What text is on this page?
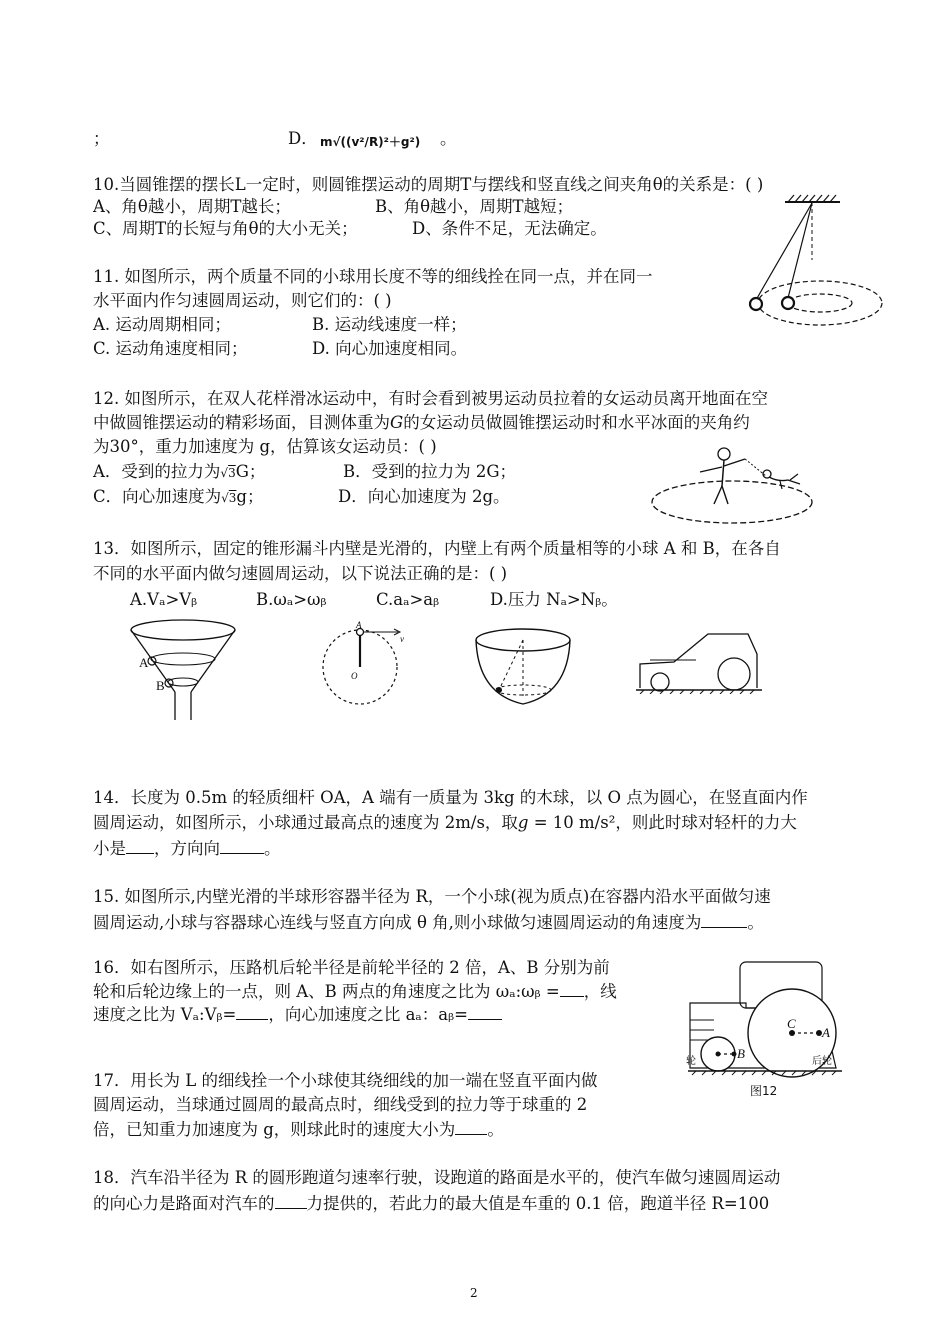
；	D． m√((v²/R)²＋g²) 。
10.当圆锥摆的摆长L一定时，则圆锥摆运动的周期T与摆线和竖直线之间夹角θ的关系是：( )
A、角θ越小，周期T越长；	B、角θ越小，周期T越短；
C、周期T的长短与角θ的大小无关；	D、条件不足，无法确定。
11. 如图所示，两个质量不同的小球用长度不等的细线拴在同一点，并在同一
水平面内作匀速圆周运动，则它们的：( )
A. 运动周期相同；	B. 运动线速度一样；
C. 运动角速度相同；	D. 向心加速度相同。
12. 如图所示，在双人花样滑冰运动中，有时会看到被男运动员拉着的女运动员离开地面在空
中做圆锥摆运动的精彩场面，目测体重为G的女运动员做圆锥摆运动时和水平冰面的夹角约
为30°，重力加速度为 g，估算该女运动员：( )
A．受到的拉力为√3G；	B．受到的拉力为 2G；
C．向心加速度为√3g；	D．向心加速度为 2g。
13．如图所示，固定的锥形漏斗内壁是光滑的，内壁上有两个质量相等的小球 A 和 B，在各自
不同的水平面内做匀速圆周运动，以下说法正确的是：( )
A.Vₐ>Vᵦ	B.ωₐ>ωᵦ	C.aₐ>aᵦ	D.压力 Nₐ>Nᵦ。
A
B
A
v
O
14．长度为 0.5m 的轻质细杆 OA，A 端有一质量为 3kg 的木球，以 O 点为圆心，在竖直面内作
圆周运动，如图所示，小球通过最高点的速度为 2m/s，取g = 10 m/s²，则此时球对轻杆的力大
小是 ，方向向	。
15. 如图所示,内壁光滑的半球形容器半径为 R，一个小球(视为质点)在容器内沿水平面做匀速
圆周运动,小球与容器球心连线与竖直方向成 θ 角,则小球做匀速圆周运动的角速度为	。
16．如右图所示，压路机后轮半径是前轮半径的 2 倍，A、B 分别为前
轮和后轮边缘上的一点，则 A、B 两点的角速度之比为 ωₐ:ωᵦ = ，线
速度之比为 Vₐ:Vᵦ= ，向心加速度之比 aₐ：aᵦ=	C
A
B
轮	后轮
图12
17．用长为 L 的细线拴一个小球使其绕细线的加一端在竖直平面内做
圆周运动，当球通过圆周的最高点时，细线受到的拉力等于球重的 2
倍，已知重力加速度为 g，则球此时的速度大小为 。
18．汽车沿半径为 R 的圆形跑道匀速率行驶，设跑道的路面是水平的，使汽车做匀速圆周运动
的向心力是路面对汽车的 力提供的，若此力的最大值是车重的 0.1 倍，跑道半径 R=100
2
